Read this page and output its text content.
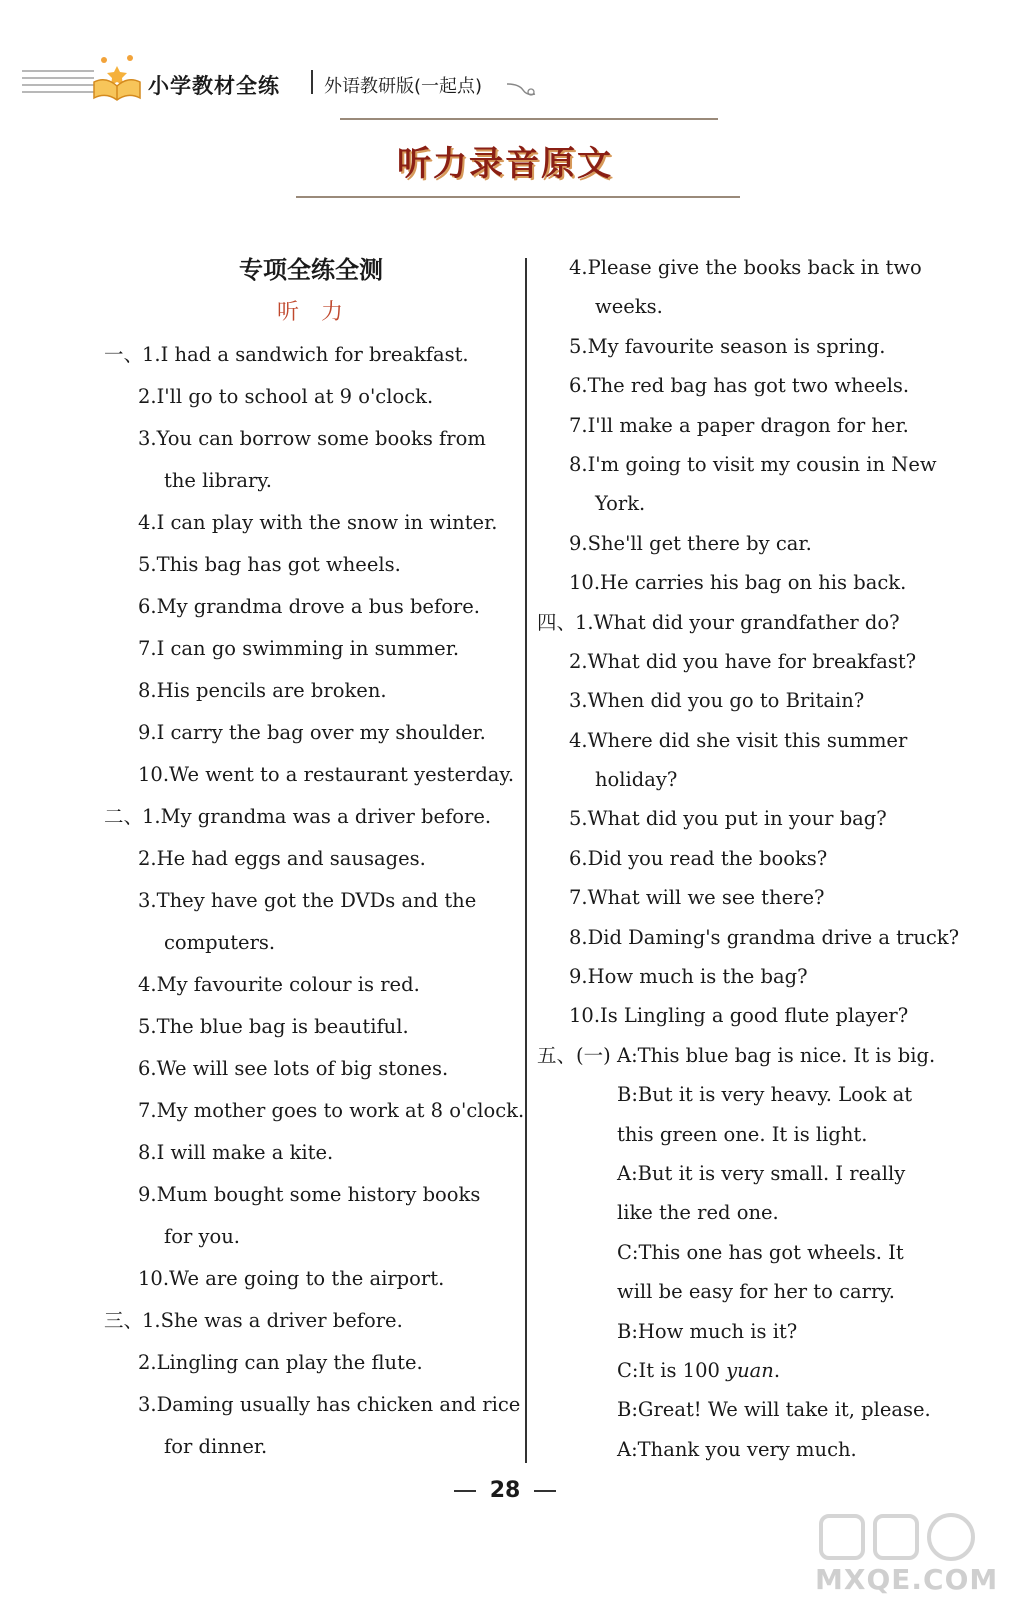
小学教材全练 外语教研版(一起点)
听力录音原文
专项全练全测
听力
一、1.I had a sandwich for breakfast.
2.I'll go to school at 9 o'clock.
3.You can borrow some books from
the library.
4.I can play with the snow in winter.
5.This bag has got wheels.
6.My grandma drove a bus before.
7.I can go swimming in summer.
8.His pencils are broken.
9.I carry the bag over my shoulder.
10.We went to a restaurant yesterday.
二、1.My grandma was a driver before.
2.He had eggs and sausages.
3.They have got the DVDs and the
computers.
4.My favourite colour is red.
5.The blue bag is beautiful.
6.We will see lots of big stones.
7.My mother goes to work at 8 o'clock.
8.I will make a kite.
9.Mum bought some history books
for you.
10.We are going to the airport.
三、1.She was a driver before.
2.Lingling can play the flute.
3.Daming usually has chicken and rice
for dinner.
4.Please give the books back in two
weeks.
5.My favourite season is spring.
6.The red bag has got two wheels.
7.I'll make a paper dragon for her.
8.I'm going to visit my cousin in New
York.
9.She'll get there by car.
10.He carries his bag on his back.
四、1.What did your grandfather do?
2.What did you have for breakfast?
3.When did you go to Britain?
4.Where did she visit this summer
holiday?
5.What did you put in your bag?
6.Did you read the books?
7.What will we see there?
8.Did Daming's grandma drive a truck?
9.How much is the bag?
10.Is Lingling a good flute player?
五、(一) A:This blue bag is nice. It is big.
B:But it is very heavy. Look at
this green one. It is light.
A:But it is very small. I really
like the red one.
C:This one has got wheels. It
will be easy for her to carry.
B:How much is it?
C:It is 100 yuan.
B:Great! We will take it, please.
A:Thank you very much.
28
MXQE.COM
